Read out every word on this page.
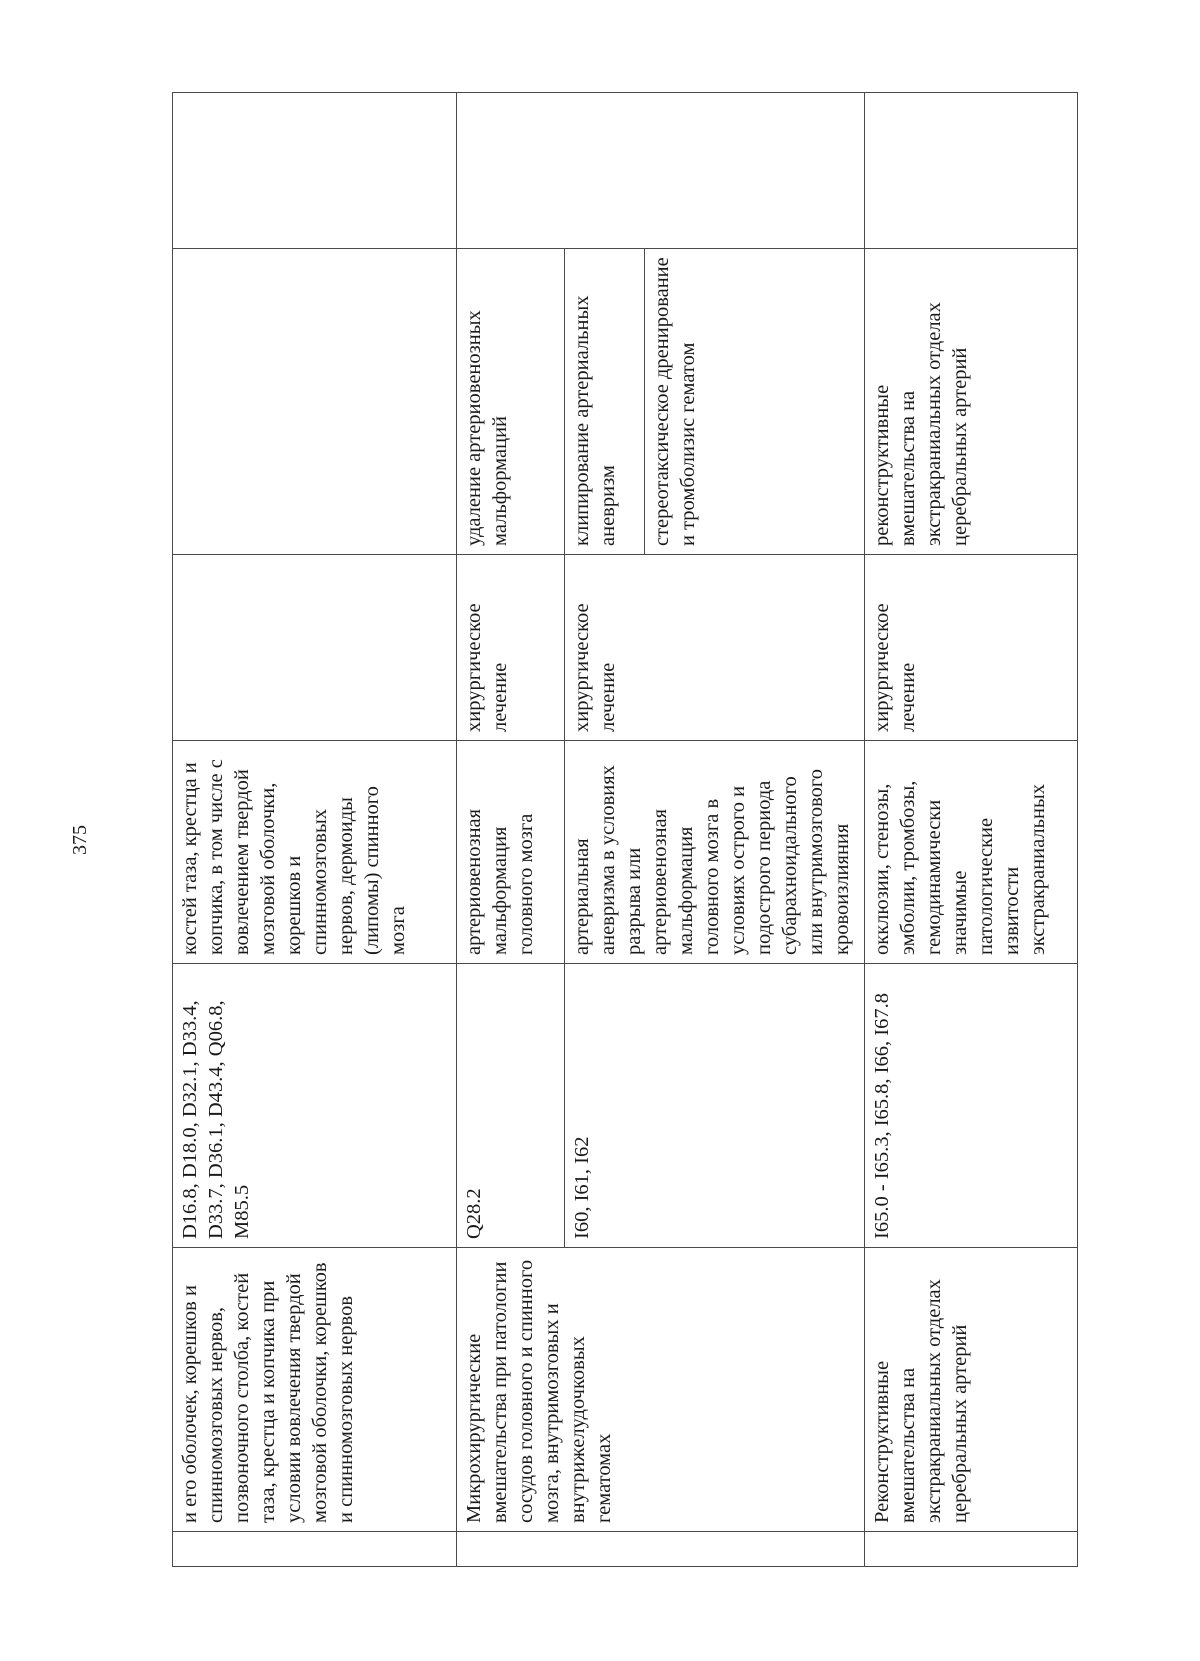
375
	и его оболочек, корешков и спинномозговых нервов, позвоночного столба, костей таза, крестца и копчика при условии вовлечения твердой мозговой оболочки, корешков и спинномозговых нервов	D16.8, D18.0, D32.1, D33.4, D33.7, D36.1, D43.4, Q06.8, M85.5	костей таза, крестца и копчика, в том числе с вовлечением твердой мозговой оболочки, корешков и спинномозговых нервов, дермоиды (липомы) спинного мозга			
	Микрохирургические вмешательства при патологии сосудов головного и спинного мозга, внутримозговых и внутрижелудочковых гематомах	Q28.2	артериовенозная мальформация головного мозга	хирургическое лечение	удаление артериовенозных мальформаций	
		I60, I61, I62	артериальная аневризма в условиях разрыва или артериовенозная мальформация головного мозга в условиях острого и подострого периода субарахноидального или внутримозгового кровоизлияния	хирургическое лечение	клипирование артериальных аневризм	
					стереотаксическое дренирование и тромболизис гематом	
	Реконструктивные вмешательства на экстракраниальных отделах церебральных артерий	I65.0 - I65.3, I65.8, I66, I67.8	окклюзии, стенозы, эмболии, тромбозы, гемодинамически значимые патологические извитости экстракраниальных	хирургическое лечение	реконструктивные вмешательства на экстракраниальных отделах церебральных артерий	
